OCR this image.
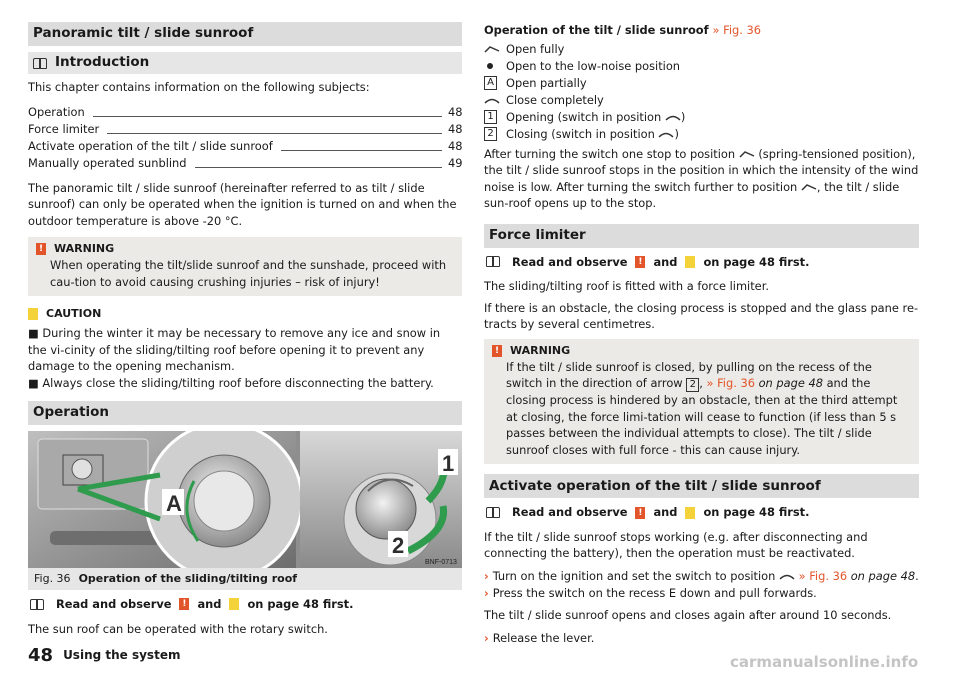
Panoramic tilt / slide sunroof
Introduction

This chapter contains information on the following subjects:

Operation	48
Force limiter	48
Activate operation of the tilt / slide sunroof	48
Manually operated sunblind	49

The panoramic tilt / slide sunroof (hereinafter referred to as tilt / slide sunroof) can only be operated when the ignition is turned on and when the outdoor temperature is above -20 °C.

! WARNING
When operating the tilt/slide sunroof and the sunshade, proceed with cau-tion to avoid causing crushing injuries – risk of injury!
CAUTION
■ During the winter it may be necessary to remove any ice and snow in the vi-cinity of the sliding/tilting roof before opening it to prevent any damage to the opening mechanism.
■ Always close the sliding/tilting roof before disconnecting the battery.
Operation
A
1
2
BNF-0713
Fig. 36 Operation of the sliding/tilting roof
Read and observe	! and on page 48 first.

The sun roof can be operated with the rotary switch.

Operation of the tilt / slide sunroof » Fig. 36
Open fully
Open to the low-noise position
A Open partially
Close completely
1 Opening (switch in position
)
2 Closing (switch in position
)

After turning the switch one stop to position (spring-tensioned position), the tilt / slide sunroof stops in the position in which the intensity of the wind noise is low. After turning the switch further to position , the tilt / slide sun-roof opens up to the stop.

Force limiter
Read and observe	! and on page 48 first.

The sliding/tilting roof is fitted with a force limiter.

If there is an obstacle, the closing process is stopped and the glass pane re-tracts by several centimetres.

! WARNING
If the tilt / slide sunroof is closed, by pulling on the recess of the switch in the direction of arrow 2 , » Fig. 36 on page 48 and the closing process is hindered by an obstacle, then at the third attempt at closing, the force limi-tation will cease to function (if less than 5 s passes between the individual attempts to close). The tilt / slide sunroof closes with full force - this can cause injury.
Activate operation of the tilt / slide sunroof
Read and observe	! and on page 48 first.

If the tilt / slide sunroof stops working (e.g. after disconnecting and connecting the battery), then the operation must be reactivated.

› Turn on the ignition and set the switch to position » Fig. 36 on page 48.
› Press the switch on the recess E down and pull forwards.

The tilt / slide sunroof opens and closes again after around 10 seconds.

› Release the lever.
48 Using the system	carmanualsonline.info
